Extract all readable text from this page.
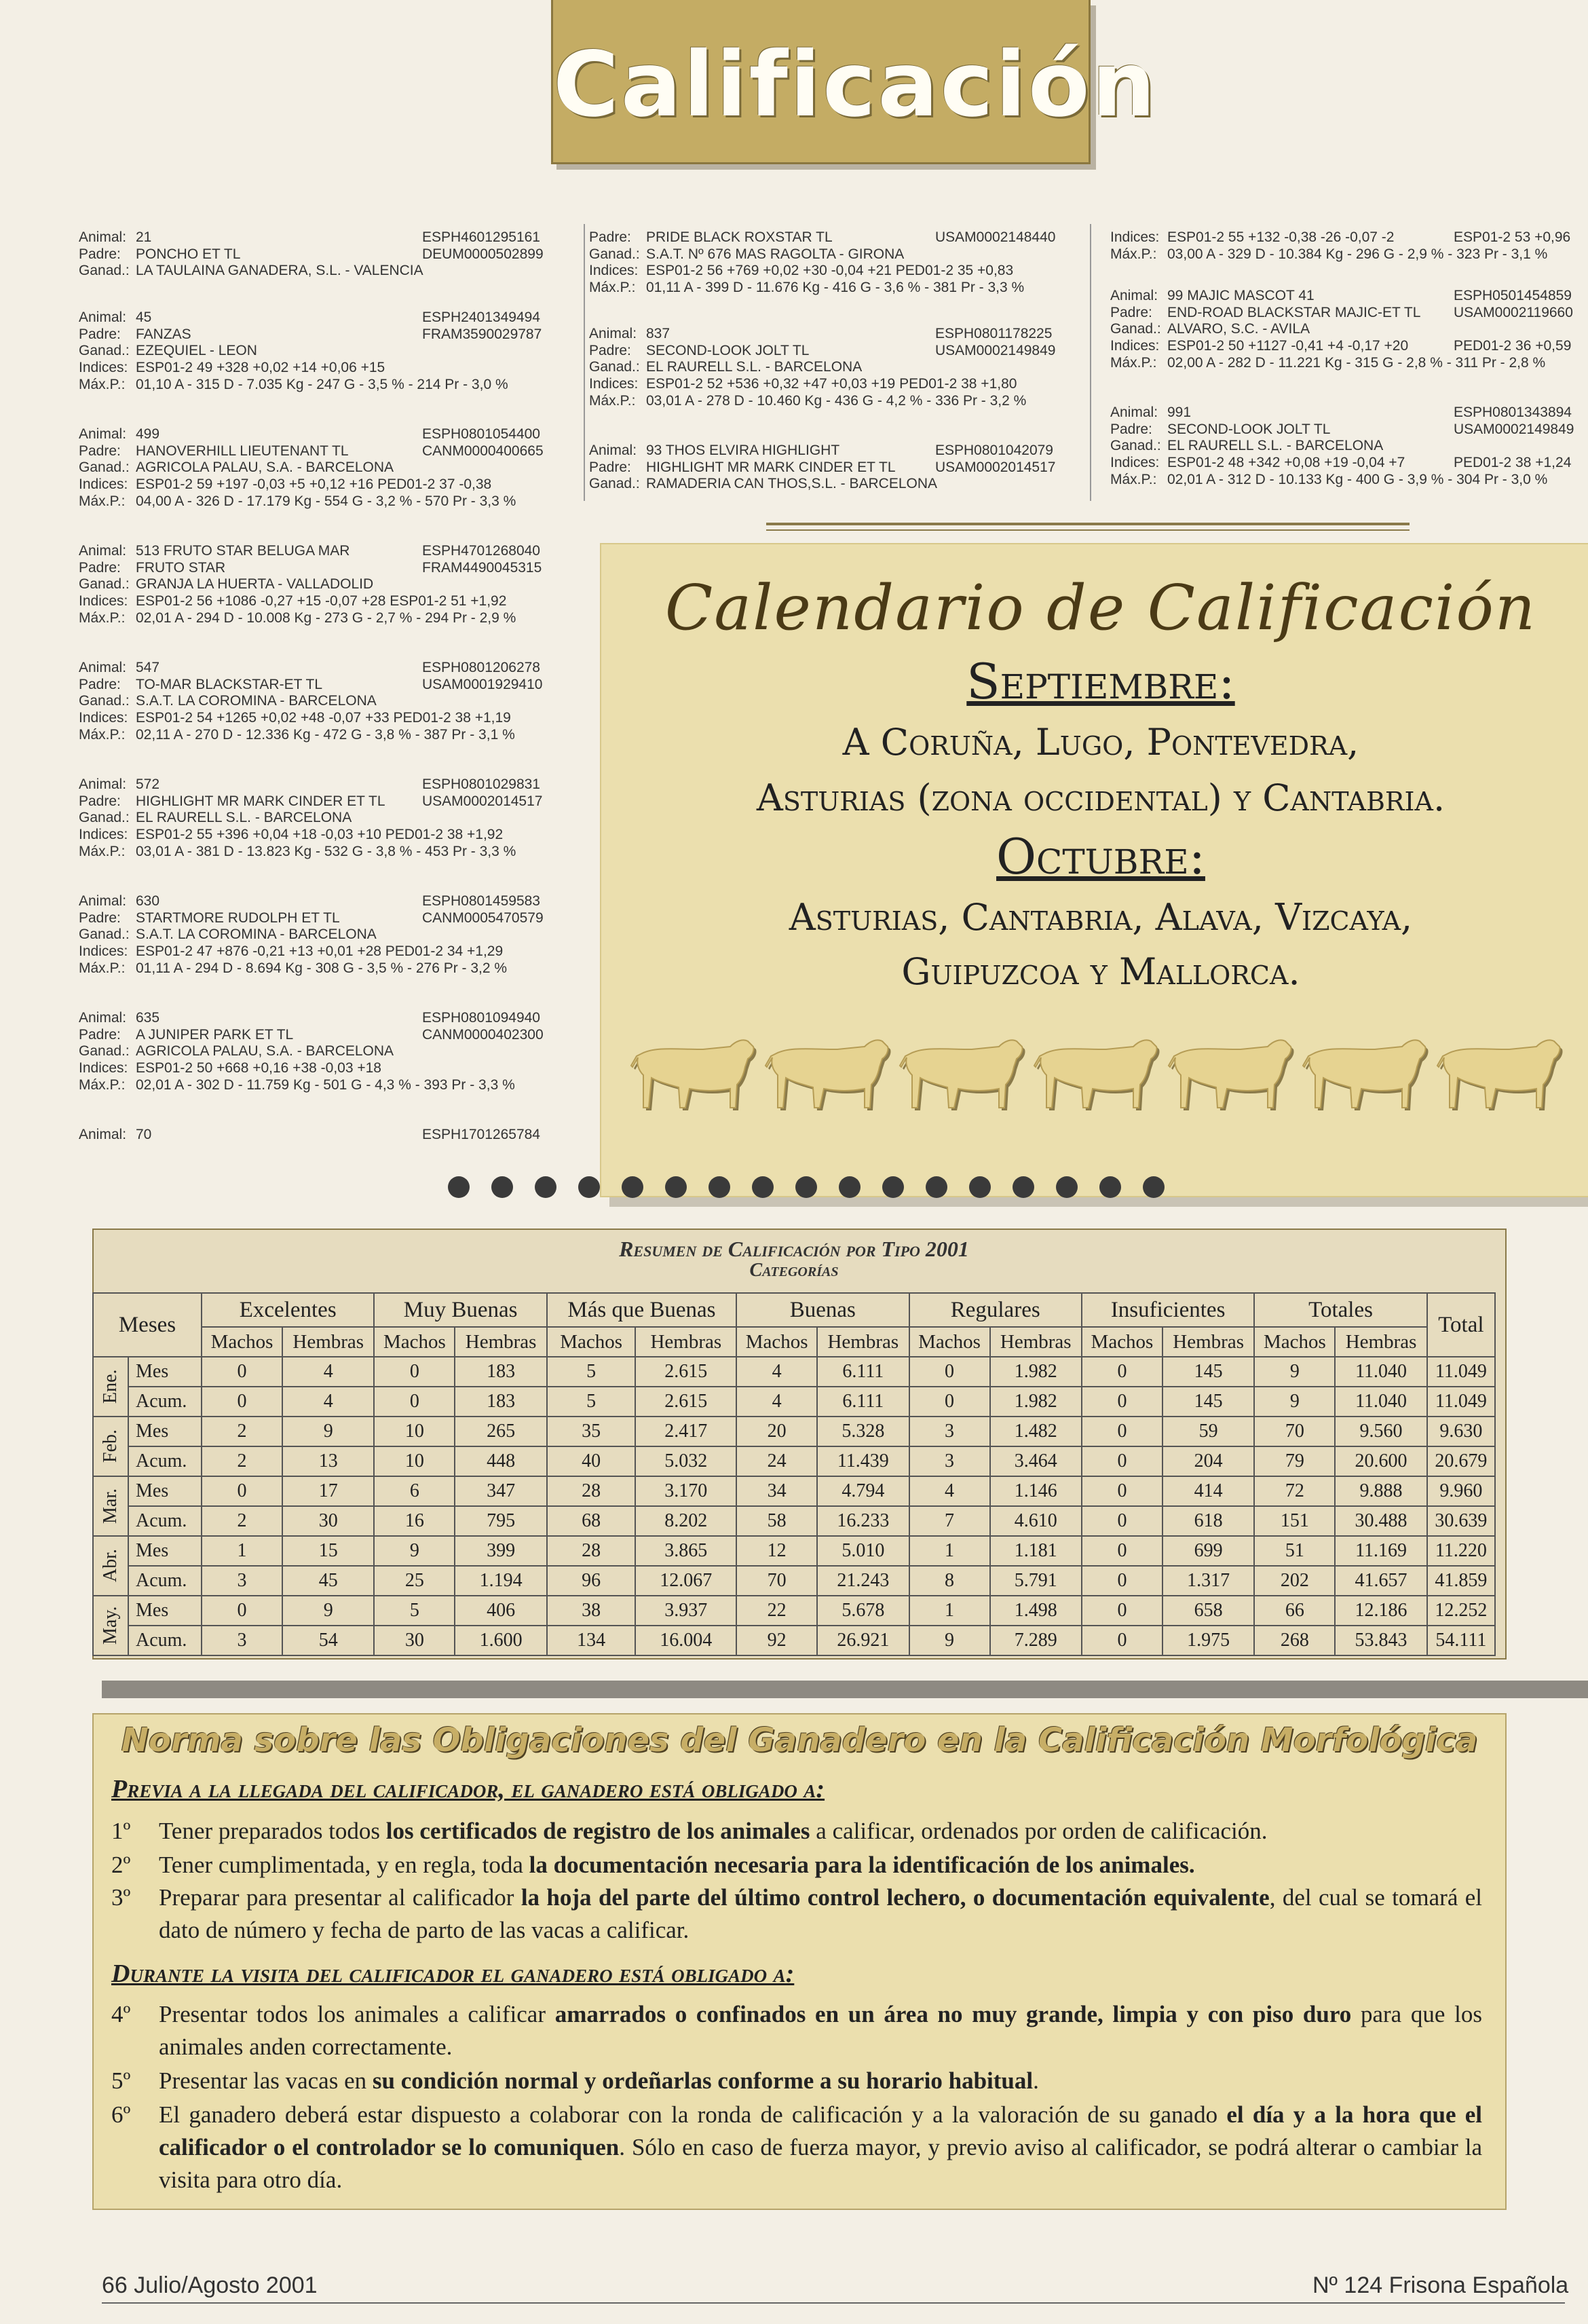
Calificación
Animal: 21	ESPH4601295161
Padre: PONCHO ET TL	DEUM0000502899
Ganad.: LA TAULAINA GANADERA, S.L. - VALENCIA
Animal: 45	ESPH2401349494
Padre: FANZAS	FRAM3590029787
Ganad.: EZEQUIEL - LEON
Indices: ESP01-2 49 +328 +0,02 +14 +0,06 +15
Máx.P.: 01,10 A - 315 D - 7.035 Kg - 247 G - 3,5 % - 214 Pr - 3,0 %
Animal: 499	ESPH0801054400
Padre: HANOVERHILL LIEUTENANT TL	CANM0000400665
Ganad.: AGRICOLA PALAU, S.A. - BARCELONA
Indices: ESP01-2 59 +197 -0,03 +5 +0,12 +16 PED01-2 37 -0,38
Máx.P.: 04,00 A - 326 D - 17.179 Kg - 554 G - 3,2 % - 570 Pr - 3,3 %
Animal: 513 FRUTO STAR BELUGA MAR	ESPH4701268040
Padre: FRUTO STAR	FRAM4490045315
Ganad.: GRANJA LA HUERTA - VALLADOLID
Indices: ESP01-2 56 +1086 -0,27 +15 -0,07 +28 ESP01-2 51 +1,92
Máx.P.: 02,01 A - 294 D - 10.008 Kg - 273 G - 2,7 % - 294 Pr - 2,9 %
Animal: 547	ESPH0801206278
Padre: TO-MAR BLACKSTAR-ET TL	USAM0001929410
Ganad.: S.A.T. LA COROMINA - BARCELONA
Indices: ESP01-2 54 +1265 +0,02 +48 -0,07 +33 PED01-2 38 +1,19
Máx.P.: 02,11 A - 270 D - 12.336 Kg - 472 G - 3,8 % - 387 Pr - 3,1 %
Animal: 572	ESPH0801029831
Padre: HIGHLIGHT MR MARK CINDER ET TL	USAM0002014517
Ganad.: EL RAURELL S.L. - BARCELONA
Indices: ESP01-2 55 +396 +0,04 +18 -0,03 +10 PED01-2 38 +1,92
Máx.P.: 03,01 A - 381 D - 13.823 Kg - 532 G - 3,8 % - 453 Pr - 3,3 %
Animal: 630	ESPH0801459583
Padre: STARTMORE RUDOLPH ET TL	CANM0005470579
Ganad.: S.A.T. LA COROMINA - BARCELONA
Indices: ESP01-2 47 +876 -0,21 +13 +0,01 +28 PED01-2 34 +1,29
Máx.P.: 01,11 A - 294 D - 8.694 Kg - 308 G - 3,5 % - 276 Pr - 3,2 %
Animal: 635	ESPH0801094940
Padre: A JUNIPER PARK ET TL	CANM0000402300
Ganad.: AGRICOLA PALAU, S.A. - BARCELONA
Indices: ESP01-2 50 +668 +0,16 +38 -0,03 +18
Máx.P.: 02,01 A - 302 D - 11.759 Kg - 501 G - 4,3 % - 393 Pr - 3,3 %
Animal: 70	ESPH1701265784
Padre: PRIDE BLACK ROXSTAR TL	USAM0002148440
Ganad.: S.A.T. Nº 676 MAS RAGOLTA - GIRONA
Indices: ESP01-2 56 +769 +0,02 +30 -0,04 +21 PED01-2 35 +0,83
Máx.P.: 01,11 A - 399 D - 11.676 Kg - 416 G - 3,6 % - 381 Pr - 3,3 %
Animal: 837	ESPH0801178225
Padre: SECOND-LOOK JOLT TL	USAM0002149849
Ganad.: EL RAURELL S.L. - BARCELONA
Indices: ESP01-2 52 +536 +0,32 +47 +0,03 +19 PED01-2 38 +1,80
Máx.P.: 03,01 A - 278 D - 10.460 Kg - 436 G - 4,2 % - 336 Pr - 3,2 %
Animal: 93 THOS ELVIRA HIGHLIGHT	ESPH0801042079
Padre: HIGHLIGHT MR MARK CINDER ET TL	USAM0002014517
Ganad.: RAMADERIA CAN THOS,S.L. - BARCELONA
Indices: ESP01-2 55 +132 -0,38 -26 -0,07 -2	ESP01-2 53 +0,96
Máx.P.: 03,00 A - 329 D - 10.384 Kg - 296 G - 2,9 % - 323 Pr - 3,1 %
Animal: 99 MAJIC MASCOT 41	ESPH0501454859
Padre: END-ROAD BLACKSTAR MAJIC-ET TL USAM0002119660
Ganad.: ALVARO, S.C. - AVILA
Indices: ESP01-2 50 +1127 -0,41 +4 -0,17 +20	PED01-2 36 +0,59
Máx.P.: 02,00 A - 282 D - 11.221 Kg - 315 G - 2,8 % - 311 Pr - 2,8 %
Animal: 991	ESPH0801343894
Padre: SECOND-LOOK JOLT TL	USAM0002149849
Ganad.: EL RAURELL S.L. - BARCELONA
Indices: ESP01-2 48 +342 +0,08 +19 -0,04 +7	PED01-2 38 +1,24
Máx.P.: 02,01 A - 312 D - 10.133 Kg - 400 G - 3,9 % - 304 Pr - 3,0 %
Calendario de Calificación
Septiembre:
A Coruña, Lugo, Pontevedra,
Asturias (zona occidental) y Cantabria.
Octubre:
Asturias, Cantabria, Alava, Vizcaya,
Guipuzcoa y Mallorca.
Resumen de Calificación por Tipo 2001
Categorías
Meses		Excelentes		Muy Buenas		Más que Buenas		Buenas		Regulares		Insuficientes		Totales		Total
		Machos	Hembras	Machos	Hembras	Machos	Hembras	Machos	Hembras	Machos	Hembras	Machos	Hembras	Machos	Hembras	
Ene.	Mes	0	4	0	183	5	2.615	4	6.111	0	1.982	0	145	9	11.040	11.049
	Acum.	0	4	0	183	5	2.615	4	6.111	0	1.982	0	145	9	11.040	11.049
Feb.	Mes	2	9	10	265	35	2.417	20	5.328	3	1.482	0	59	70	9.560	9.630
	Acum.	2	13	10	448	40	5.032	24	11.439	3	3.464	0	204	79	20.600	20.679
Mar.	Mes	0	17	6	347	28	3.170	34	4.794	4	1.146	0	414	72	9.888	9.960
	Acum.	2	30	16	795	68	8.202	58	16.233	7	4.610	0	618	151	30.488	30.639
Abr.	Mes	1	15	9	399	28	3.865	12	5.010	1	1.181	0	699	51	11.169	11.220
	Acum.	3	45	25	1.194	96	12.067	70	21.243	8	5.791	0	1.317	202	41.657	41.859
May.	Mes	0	9	5	406	38	3.937	22	5.678	1	1.498	0	658	66	12.186	12.252
	Acum.	3	54	30	1.600	134	16.004	92	26.921	9	7.289	0	1.975	268	53.843	54.111
Norma sobre las Obligaciones del Ganadero en la Calificación Morfológica
Previa a la llegada del calificador, el ganadero está obligado a:
1º Tener preparados todos los certificados de registro de los animales a calificar, ordenados por orden de calificación.
2º Tener cumplimentada, y en regla, toda la documentación necesaria para la identificación de los animales.
3º Preparar para presentar al calificador la hoja del parte del último control lechero, o documentación equivalente, del cual se tomará el dato de número y fecha de parto de las vacas a calificar.
Durante la visita del calificador el ganadero está obligado a:
4º Presentar todos los animales a calificar amarrados o confinados en un área no muy grande, limpia y con piso duro para que los animales anden correctamente.
5º Presentar las vacas en su condición normal y ordeñarlas conforme a su horario habitual.
6º El ganadero deberá estar dispuesto a colaborar con la ronda de calificación y a la valoración de su ganado el día y a la hora que el calificador o el controlador se lo comuniquen. Sólo en caso de fuerza mayor, y previo aviso al calificador, se podrá alterar o cambiar la visita para otro día.
66 Julio/Agosto 2001	Nº 124 Frisona Española
